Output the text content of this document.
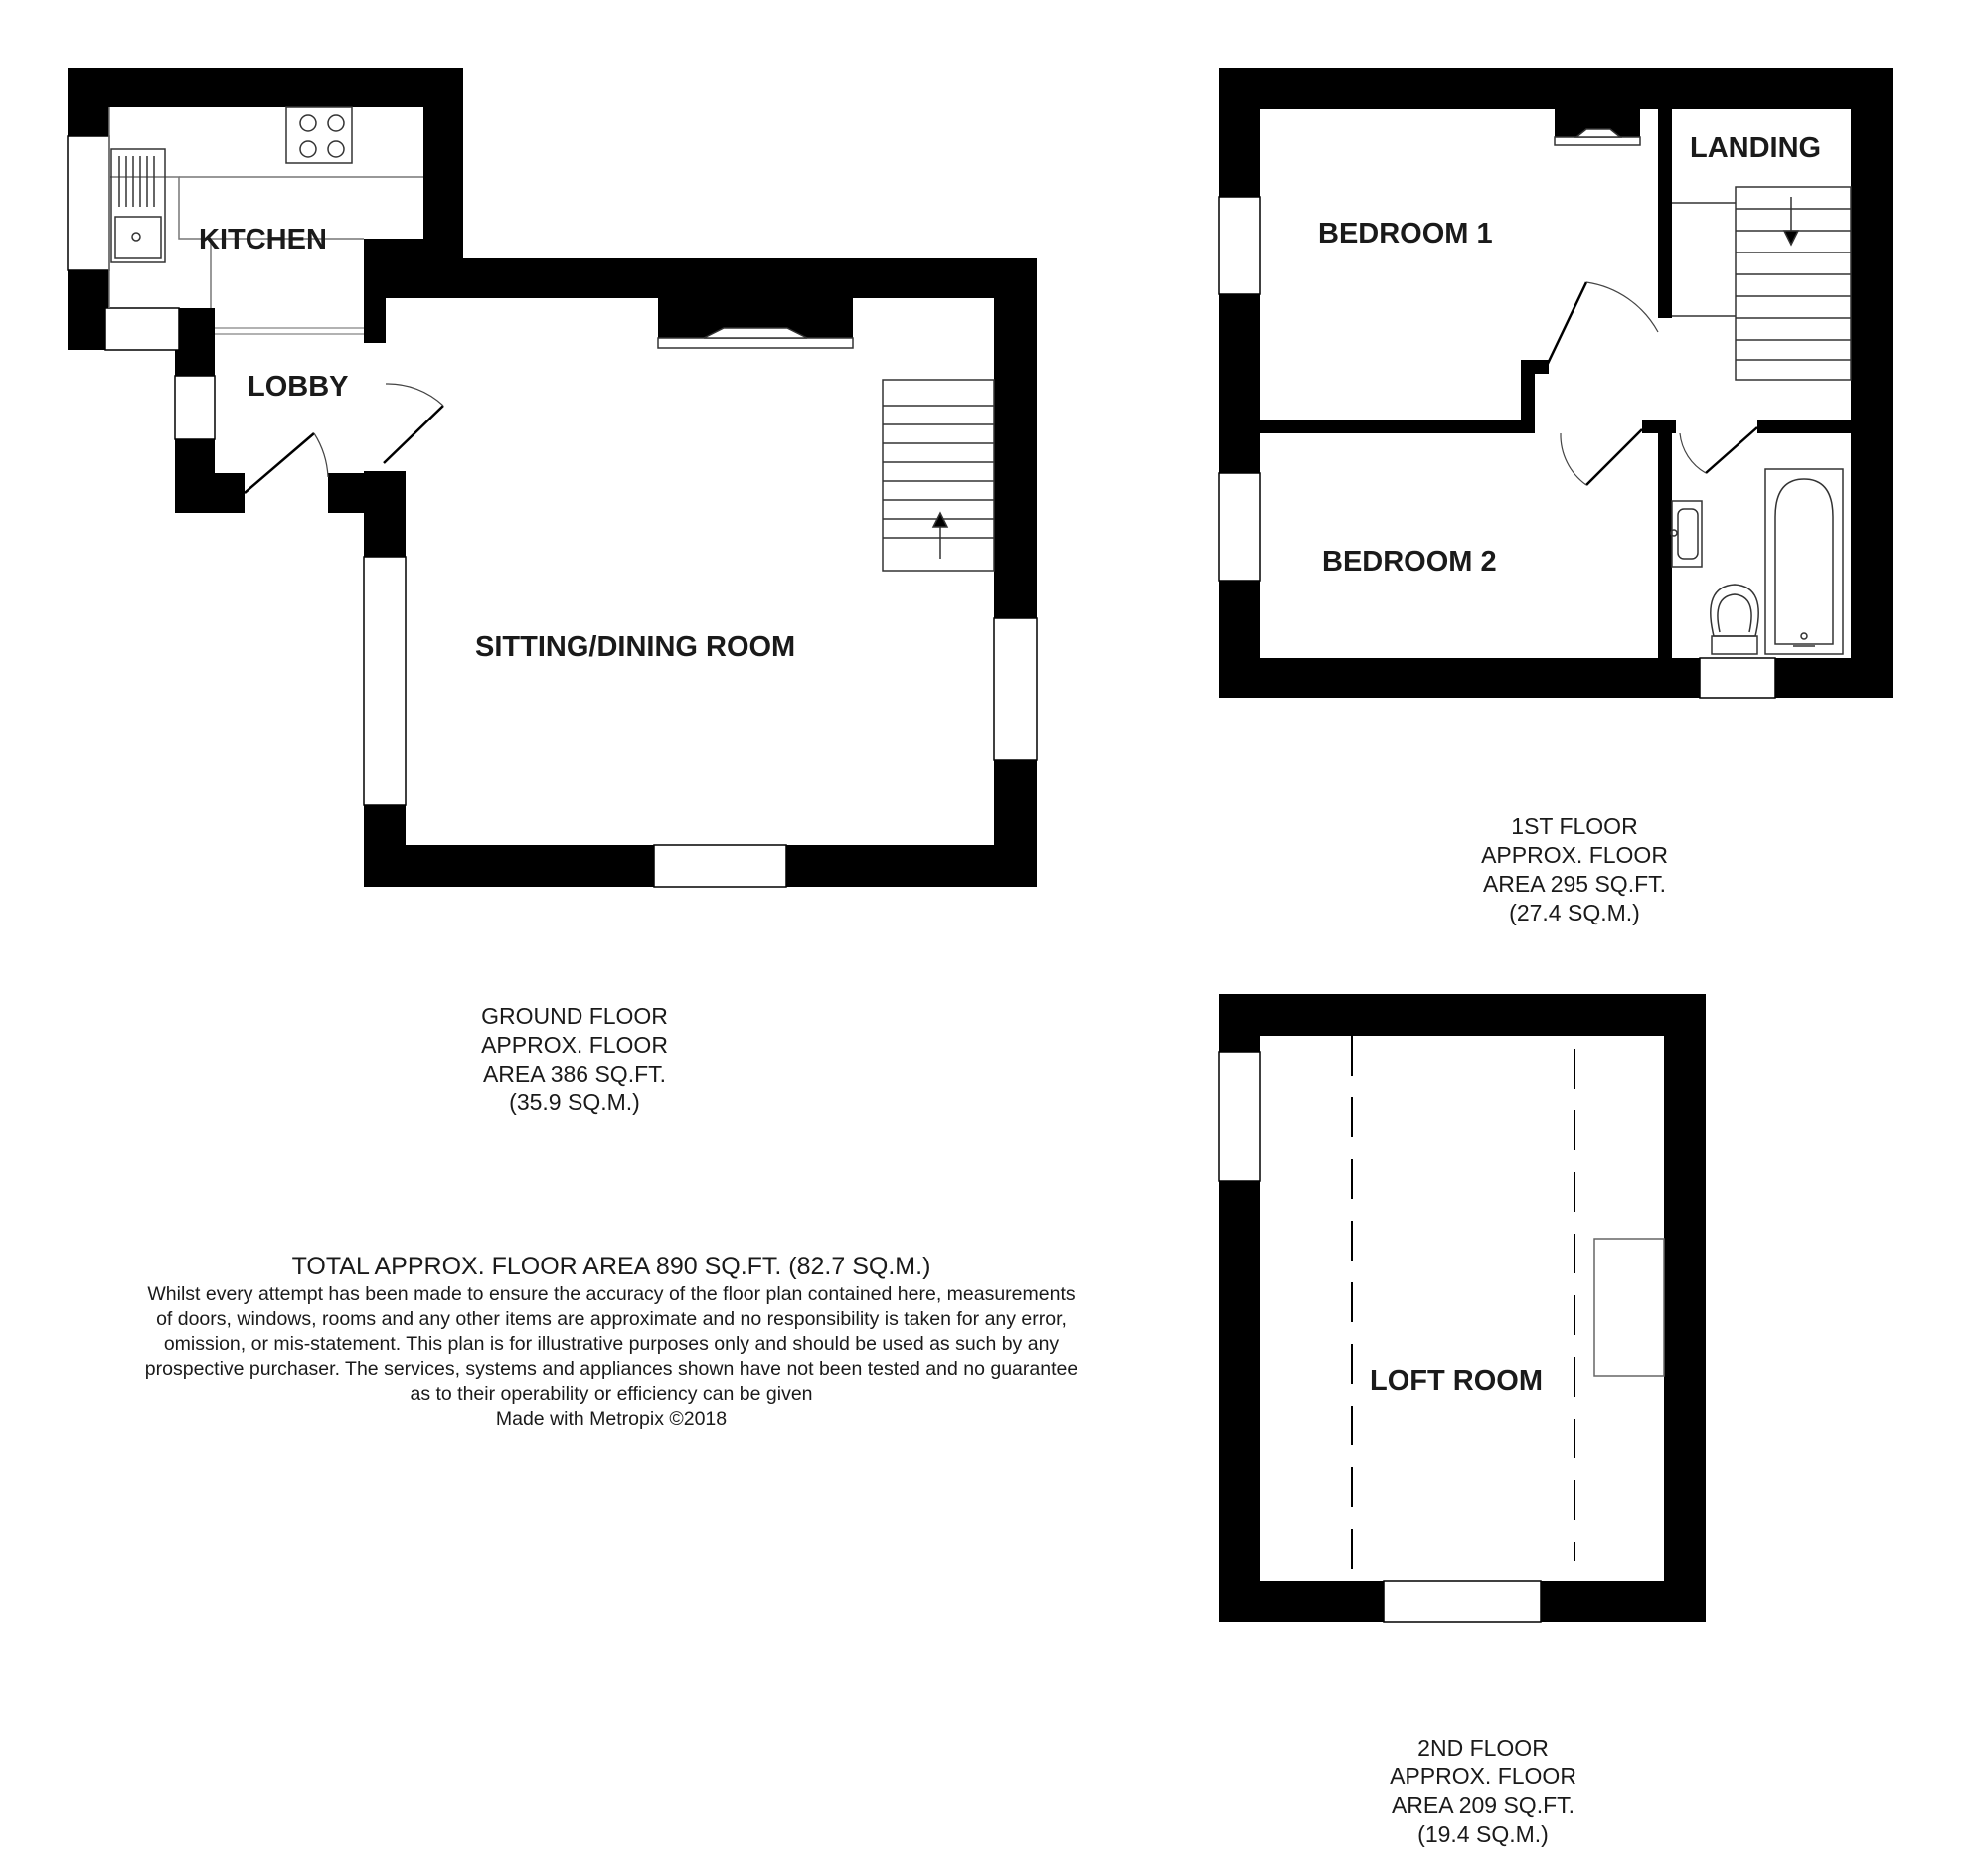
KITCHEN
LOBBY
SITTING/DINING ROOM
BEDROOM 1
BEDROOM 2
LANDING
LOFT ROOM
GROUND FLOOR
APPROX. FLOOR
AREA 386 SQ.FT.
(35.9 SQ.M.)
1ST FLOOR
APPROX. FLOOR
AREA 295 SQ.FT.
(27.4 SQ.M.)
2ND FLOOR
APPROX. FLOOR
AREA 209 SQ.FT.
(19.4 SQ.M.)
TOTAL APPROX. FLOOR AREA 890 SQ.FT. (82.7 SQ.M.)
Whilst every attempt has been made to ensure the accuracy of the floor plan contained here, measurements
of doors, windows, rooms and any other items are approximate and no responsibility is taken for any error,
omission, or mis-statement. This plan is for illustrative purposes only and should be used as such by any
prospective purchaser. The services, systems and appliances shown have not been tested and no guarantee
as to their operability or efficiency can be given
Made with Metropix ©2018
